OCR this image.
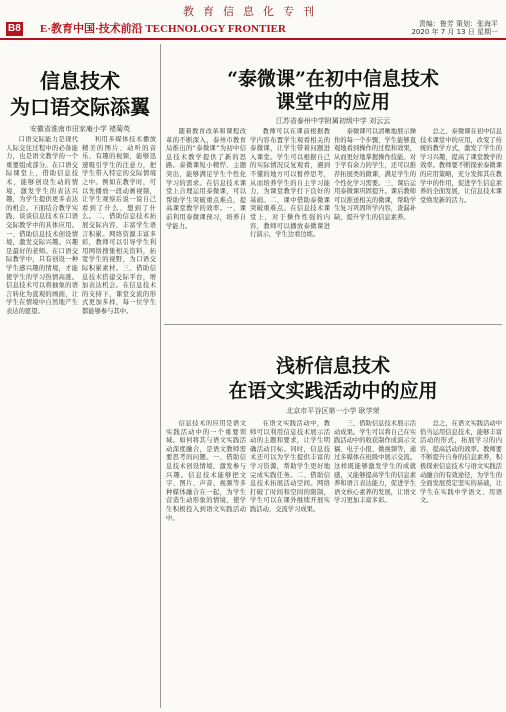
教育信息化专刊
B8 E·教育中国·技术前沿 TECHNOLOGY FRONTIER	责编：鲁芳 策划：张海平
2020 年 7 月 13 日 星期一
信息技术
为口语交际添翼
安徽省淮南市田家庵小学 褚菊英

口语交际能力是现代人际交往过程中的必备能力，也是语文教学的一个重要组成部分。在口语交际课堂上，借助信息技术，能够创设生动的情境，激发学生的表达兴趣，为学生提供更多表达的机会。下面结合教学实践，谈谈信息技术在口语交际教学中的具体应用。一、借助信息技术创设情境，激发交际兴趣。兴趣是最好的老师。在口语交际教学中，只有创设一种学生感兴趣的情境，才能使学生的学习热情高涨。信息技术可以将抽象的语言转化为直观的画面，让学生在情境中自然地产生表达的愿望。

利用多媒体技术播放精美的图片、动听的音乐、有趣的视频，能够迅速吸引学生的注意力，把学生带入特定的交际情境之中。例如在教学时，可以先播放一段动画视频，让学生观察后说一说自己看到了什么、想到了什么。二、借助信息技术拓展交际内容，丰富学生语言积累。网络资源丰富多彩，教师可以引导学生利用网络搜集相关资料，拓宽学生的视野，为口语交际积累素材。三、借助信息技术搭建交际平台，增加表达机会。在信息技术的支持下，课堂交流的形式更加多样，每一位学生都能够参与其中。

“泰微课”在初中信息技术
课堂中的应用
江苏省泰州中学附属初级中学 刘云云

随着教育改革和课程改革的不断深入，泰州市教育局推出的“泰微课”为初中信息技术教学提供了新的思路。泰微课短小精悍、主题突出，能够满足学生个性化学习的需求。在信息技术课堂上合理运用泰微课，可以帮助学生突破重点难点，提高课堂教学的效率。一、课前利用泰微课预习，培养自学能力。

教师可以在课前根据教学内容布置学生观看相关的泰微课，让学生带着问题进入课堂。学生可以根据自己的实际情况反复观看，遇到不懂的地方可以暂停思考，从而培养学生的自主学习能力，为课堂教学打下良好的基础。二、课中借助泰微课突破重难点。在信息技术课堂上，对于操作性强的内容，教师可以播放泰微课进行演示，学生边看边练。

泰微课可以清晰地展示操作的每一个步骤，学生能够直观地看到操作的过程和效果，从而更好地掌握操作技能。对于学有余力的学生，还可以推荐拓展类的微课，满足学生的个性化学习需要。三、课后运用泰微课巩固提升。课后教师可以推送相关的微课，帮助学生复习巩固所学内容，查漏补缺，提升学生的信息素养。

总之，泰微课在初中信息技术课堂中的应用，改变了传统的教学方式，激发了学生的学习兴趣，提高了课堂教学的效率。教师要不断探索泰微课的应用策略，充分发挥其在教学中的作用，促进学生信息素养的全面发展，让信息技术课堂焕发新的活力。

浅析信息技术
在语文实践活动中的应用
北京市平谷区第一小学 耿学荣

信息技术的应用是语文实践活动中的一个重要领域。如何将其与语文实践活动深度融合，是语文教师需要思考的问题。一、借助信息技术创设情境，激发参与兴趣。信息技术能够把文字、图片、声音、视频等多种媒体融合在一起，为学生营造生动形象的情境，使学生积极投入到语文实践活动中。

在语文实践活动中，教师可以利用信息技术展示活动的主题和要求，让学生明确活动目标。同时，信息技术还可以为学生提供丰富的学习资源，帮助学生更好地完成实践任务。二、借助信息技术拓展活动空间。网络打破了时间和空间的限制，学生可以在课外继续开展实践活动，交流学习成果。

三、借助信息技术展示活动成果。学生可以将自己在实践活动中的收获制作成演示文稿、电子小报、微视频等，通过多媒体在班级中展示交流。这样既能够激发学生的成就感，又能够提高学生的信息素养和语言表达能力，促进学生语文核心素养的发展，让语文学习更加丰富多彩。

总之，在语文实践活动中恰当运用信息技术，能够丰富活动的形式，拓展学习的内容，提高活动的效率。教师要不断提升自身的信息素养，积极探索信息技术与语文实践活动融合的有效途径，为学生的全面发展奠定坚实的基础，让学生在实践中学语文、用语文。
